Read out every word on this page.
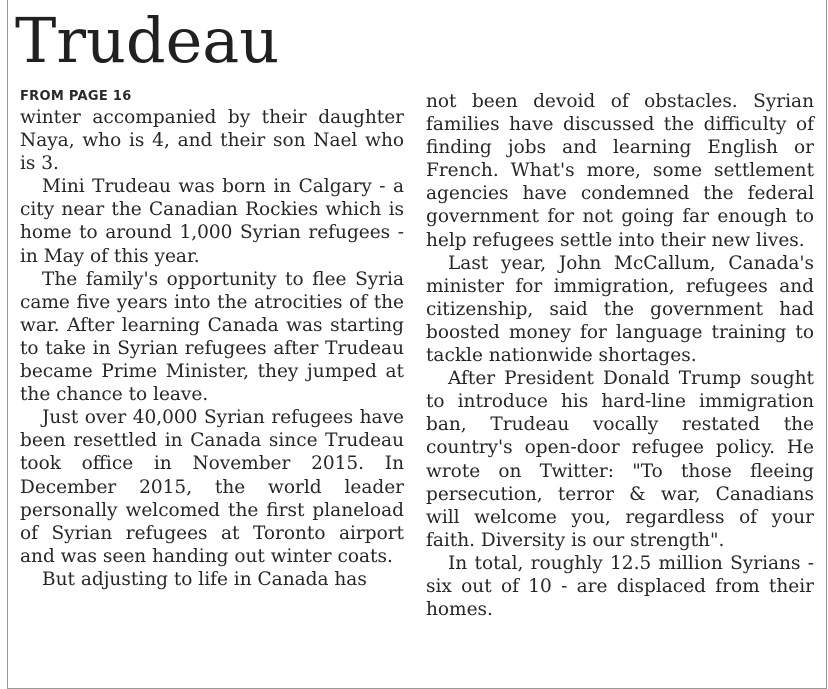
Trudeau

FROM PAGE 16

winter accompanied by their daughter Naya, who is 4, and their son Nael who is 3.

Mini Trudeau was born in Calgary - a city near the Canadian Rockies which is home to around 1,000 Syrian refugees - in May of this year.

The family's opportunity to flee Syria came five years into the atrocities of the war. After learning Canada was starting to take in Syrian refugees after Trudeau became Prime Minister, they jumped at the chance to leave.

Just over 40,000 Syrian refugees have been resettled in Canada since Trudeau took office in November 2015. In December 2015, the world leader personally welcomed the first planeload of Syrian refugees at Toronto airport and was seen handing out winter coats.

But adjusting to life in Canada has

not been devoid of obstacles. Syrian families have discussed the difficulty of finding jobs and learning English or French. What's more, some settlement agencies have condemned the federal government for not going far enough to help refugees settle into their new lives.

Last year, John McCallum, Canada's minister for immigration, refugees and citizenship, said the government had boosted money for language training to tackle nationwide shortages.

After President Donald Trump sought to introduce his hard-line immigration ban, Trudeau vocally restated the country's open-door refugee policy. He wrote on Twitter: "To those fleeing persecution, terror & war, Canadians will welcome you, regardless of your faith. Diversity is our strength".

In total, roughly 12.5 million Syrians - six out of 10 - are displaced from their homes.
